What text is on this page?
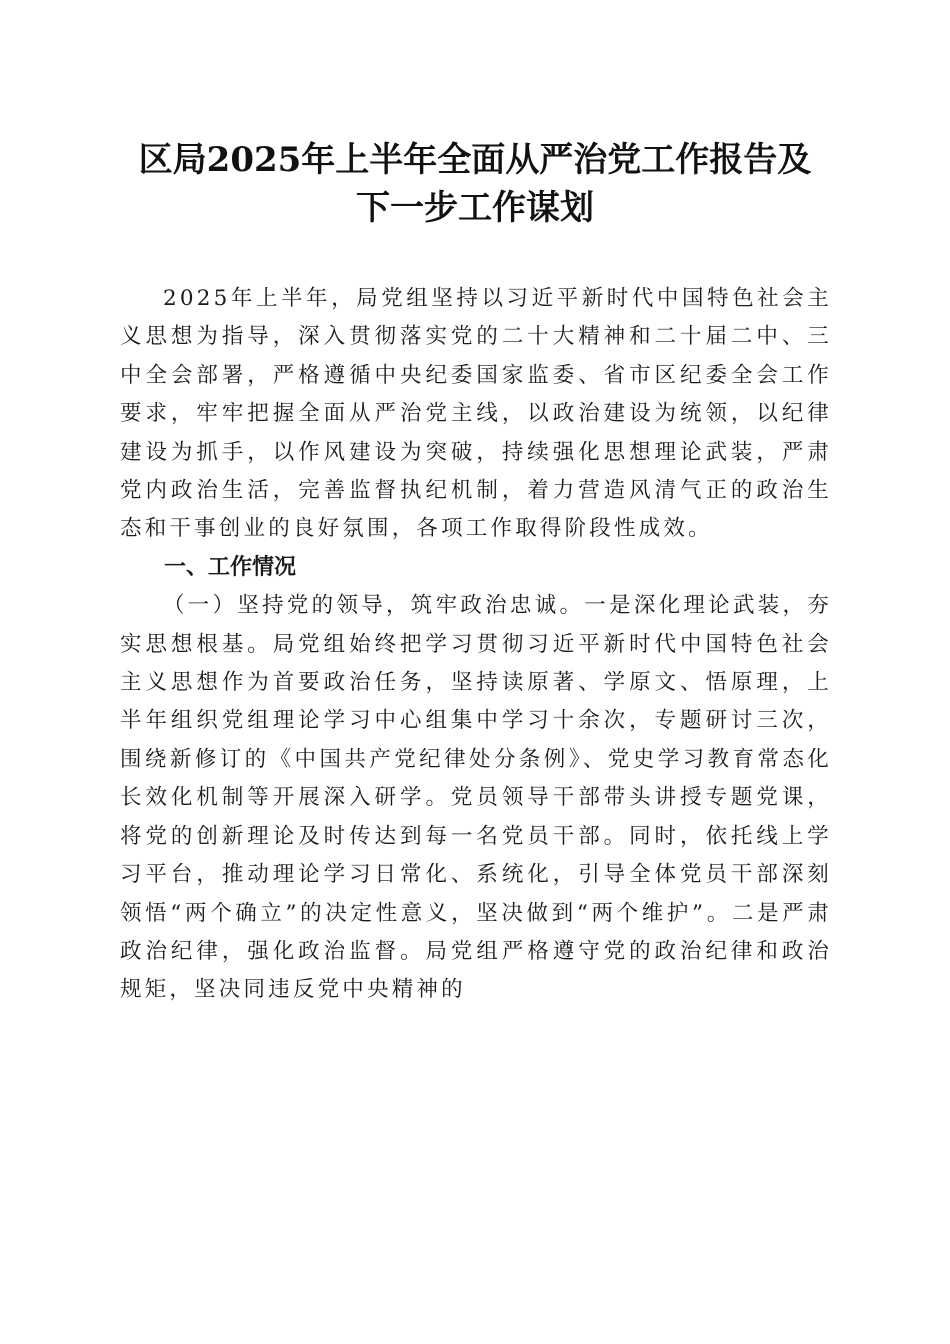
区局2025年上半年全面从严治党工作报告及
下一步工作谋划

2025年上半年，局党组坚持以习近平新时代中国特色社会主义思想为指导，深入贯彻落实党的二十大精神和二十届二中、三中全会部署，严格遵循中央纪委国家监委、省市区纪委全会工作要求，牢牢把握全面从严治党主线，以政治建设为统领，以纪律建设为抓手，以作风建设为突破，持续强化思想理论武装，严肃党内政治生活，完善监督执纪机制，着力营造风清气正的政治生态和干事创业的良好氛围，各项工作取得阶段性成效。

一、工作情况

（一）坚持党的领导，筑牢政治忠诚。一是深化理论武装，夯实思想根基。局党组始终把学习贯彻习近平新时代中国特色社会主义思想作为首要政治任务，坚持读原著、学原文、悟原理，上半年组织党组理论学习中心组集中学习十余次，专题研讨三次，围绕新修订的《中国共产党纪律处分条例》、党史学习教育常态化长效化机制等开展深入研学。党员领导干部带头讲授专题党课，将党的创新理论及时传达到每一名党员干部。同时，依托线上学习平台，推动理论学习日常化、系统化，引导全体党员干部深刻领悟“两个确立”的决定性意义，坚决做到“两个维护”。二是严肃政治纪律，强化政治监督。局党组严格遵守党的政治纪律和政治规矩，坚决同违反党中央精神的
